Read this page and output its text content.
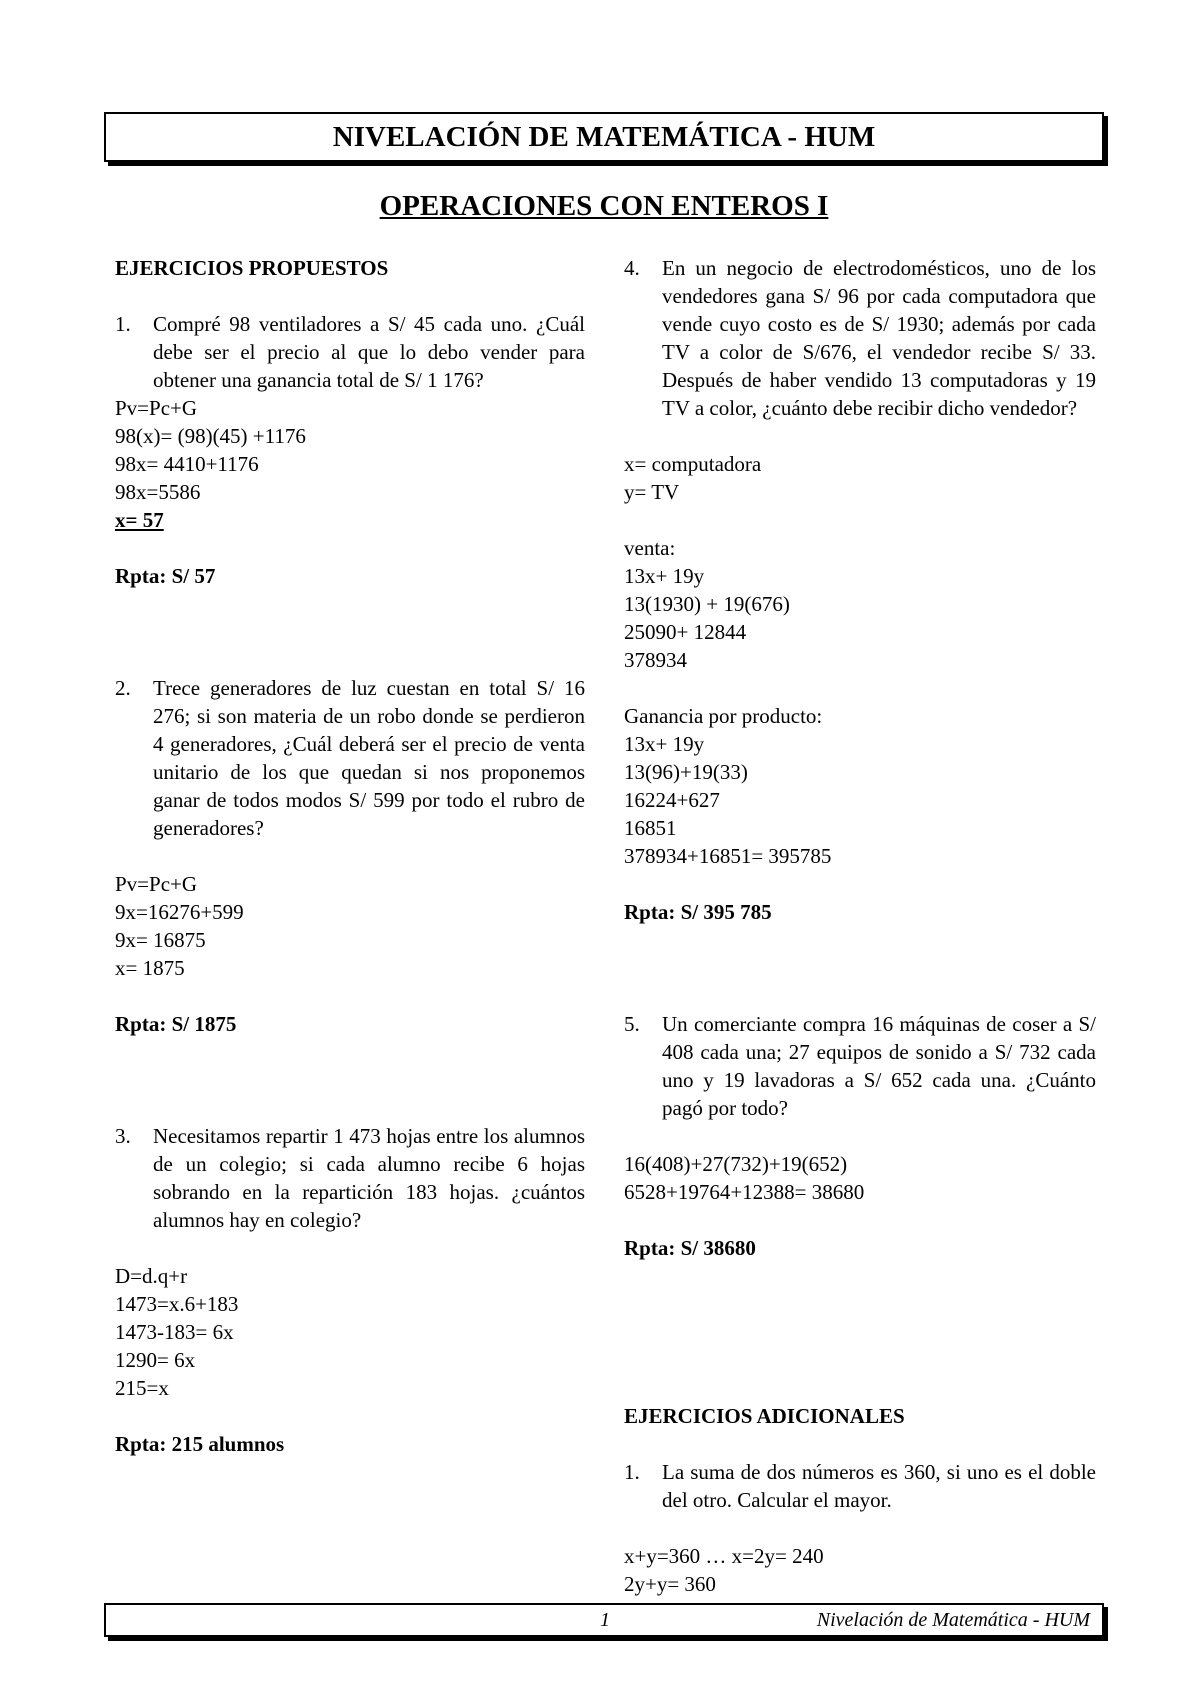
NIVELACIÓN DE MATEMÁTICA - HUM
OPERACIONES CON ENTEROS I
EJERCICIOS PROPUESTOS
1.	Compré 98 ventiladores a S/ 45 cada uno. ¿Cuál debe ser el precio al que lo debo vender para obtener una ganancia total de S/ 1 176?
Pv=Pc+G
98(x)= (98)(45) +1176
98x= 4410+1176
98x=5586
x= 57
Rpta: S/ 57
2.	Trece generadores de luz cuestan en total S/ 16 276; si son materia de un robo donde se perdieron 4 generadores, ¿Cuál deberá ser el precio de venta unitario de los que quedan si nos proponemos ganar de todos modos S/ 599 por todo el rubro de generadores?
Pv=Pc+G
9x=16276+599
9x= 16875
x= 1875
Rpta: S/ 1875
3.	Necesitamos repartir 1 473 hojas entre los alumnos de un colegio; si cada alumno recibe 6 hojas sobrando en la repartición 183 hojas. ¿cuántos alumnos hay en colegio?
D=d.q+r
1473=x.6+183
1473-183= 6x
1290= 6x
215=x
Rpta: 215 alumnos
4.	En un negocio de electrodomésticos, uno de los vendedores gana S/ 96 por cada computadora que vende cuyo costo es de S/ 1930; además por cada TV a color de S/676, el vendedor recibe S/ 33. Después de haber vendido 13 computadoras y 19 TV a color, ¿cuánto debe recibir dicho vendedor?
x= computadora
y= TV
venta:
13x+ 19y
13(1930) + 19(676)
25090+ 12844
378934
Ganancia por producto:
13x+ 19y
13(96)+19(33)
16224+627
16851
378934+16851= 395785
Rpta: S/ 395 785
5.	Un comerciante compra 16 máquinas de coser a S/ 408 cada una; 27 equipos de sonido a S/ 732 cada uno y 19 lavadoras a S/ 652 cada una. ¿Cuánto pagó por todo?
16(408)+27(732)+19(652)
6528+19764+12388= 38680
Rpta: S/ 38680
EJERCICIOS ADICIONALES
1.	La suma de dos números es 360, si uno es el doble del otro. Calcular el mayor.
x+y=360 … x=2y= 240
2y+y= 360
1	Nivelación de Matemática - HUM
